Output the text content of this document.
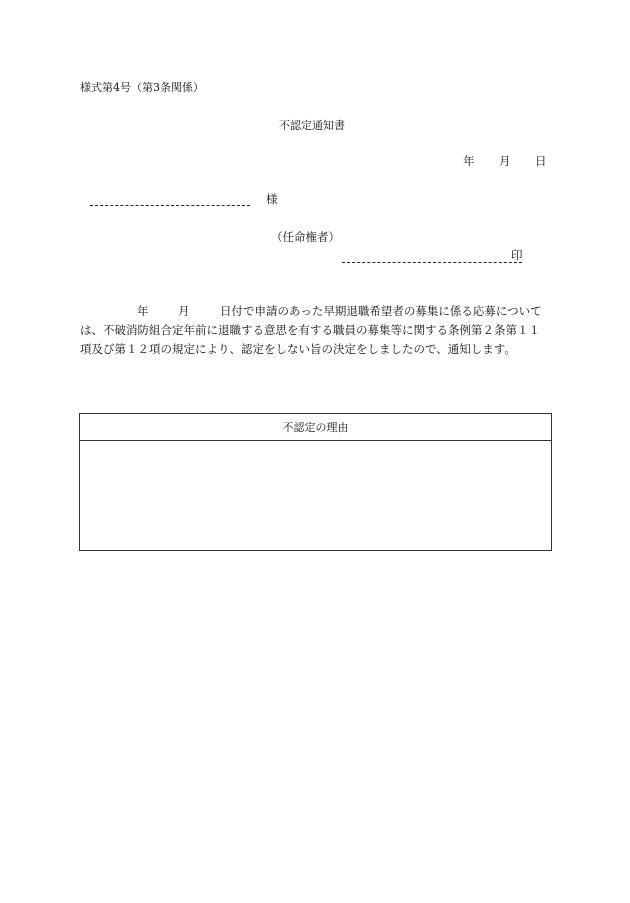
様式第4号（第3条関係）
不認定通知書
年 月 日
様
（任命権者）
印
年	月	日付で申請のあった早期退職希望者の募集に係る応募について
は、不破消防組合定年前に退職する意思を有する職員の募集等に関する条例第２条第１１
項及び第１２項の規定により、認定をしない旨の決定をしましたので、通知します。
不認定の理由
